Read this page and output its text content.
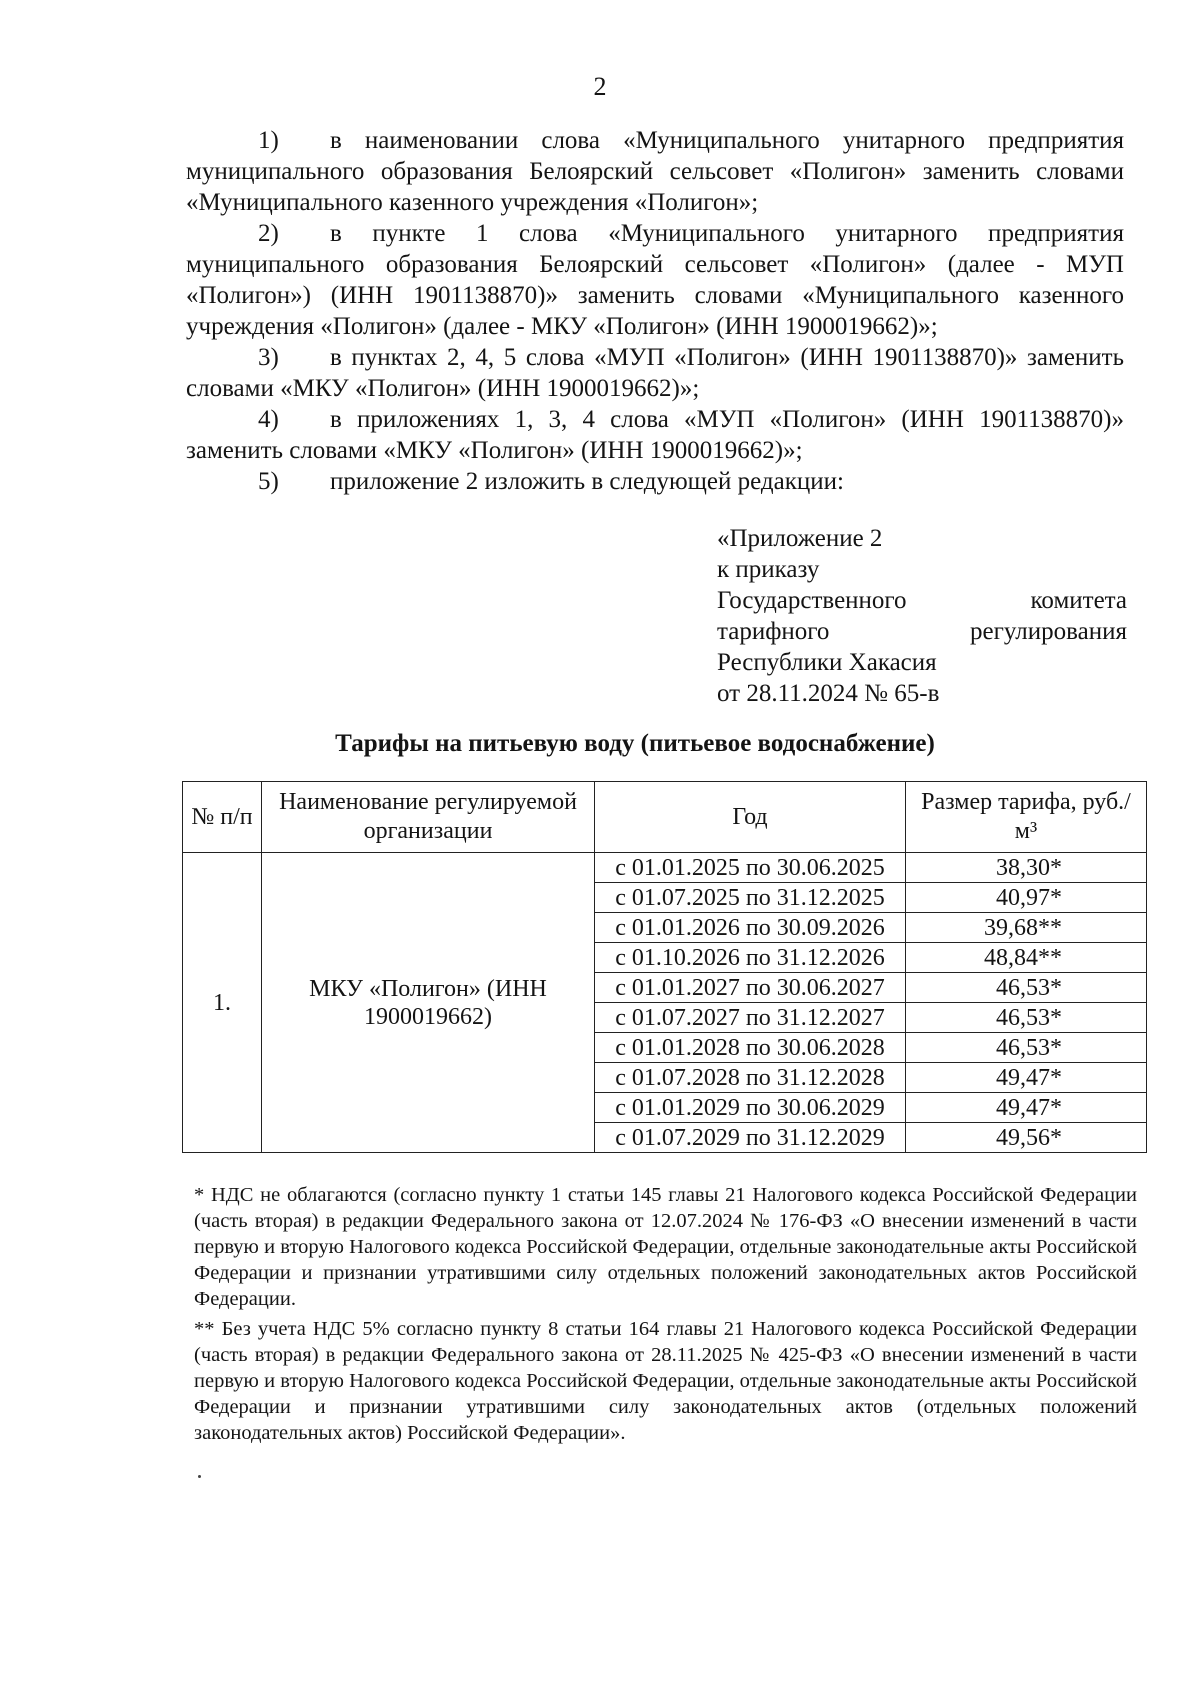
2
1) в наименовании слова «Муниципального унитарного предприятия муниципального образования Белоярский сельсовет «Полигон» заменить словами «Муниципального казенного учреждения «Полигон»;
2) в пункте 1 слова «Муниципального унитарного предприятия муниципального образования Белоярский сельсовет «Полигон» (далее - МУП «Полигон») (ИНН 1901138870)» заменить словами «Муниципального казенного учреждения «Полигон» (далее - МКУ «Полигон» (ИНН 1900019662)»;
3) в пунктах 2, 4, 5 слова «МУП «Полигон» (ИНН 1901138870)» заменить словами «МКУ «Полигон» (ИНН 1900019662)»;
4) в приложениях 1, 3, 4 слова «МУП «Полигон» (ИНН 1901138870)» заменить словами «МКУ «Полигон» (ИНН 1900019662)»;
5) приложение 2 изложить в следующей редакции:
«Приложение 2
к приказу
Государственного комитета тарифного регулирования
Республики Хакасия
от 28.11.2024 № 65-в
Тарифы на питьевую воду (питьевое водоснабжение)
№ п/п	Наименование регулируемой организации	Год	Размер тарифа, руб./м³
1.	МКУ «Полигон» (ИНН 1900019662)	с 01.01.2025 по 30.06.2025	38,30*
		с 01.07.2025 по 31.12.2025	40,97*
		с 01.01.2026 по 30.09.2026	39,68**
		с 01.10.2026 по 31.12.2026	48,84**
		с 01.01.2027 по 30.06.2027	46,53*
		с 01.07.2027 по 31.12.2027	46,53*
		с 01.01.2028 по 30.06.2028	46,53*
		с 01.07.2028 по 31.12.2028	49,47*
		с 01.01.2029 по 30.06.2029	49,47*
		с 01.07.2029 по 31.12.2029	49,56*

* НДС не облагаются (согласно пункту 1 статьи 145 главы 21 Налогового кодекса Российской Федерации (часть вторая) в редакции Федерального закона от 12.07.2024 № 176-ФЗ «О внесении изменений в части первую и вторую Налогового кодекса Российской Федерации, отдельные законодательные акты Российской Федерации и признании утратившими силу отдельных положений законодательных актов Российской Федерации.

** Без учета НДС 5% согласно пункту 8 статьи 164 главы 21 Налогового кодекса Российской Федерации (часть вторая) в редакции Федерального закона от 28.11.2025 № 425-ФЗ «О внесении изменений в части первую и вторую Налогового кодекса Российской Федерации, отдельные законодательные акты Российской Федерации и признании утратившими силу законодательных актов (отдельных положений законодательных актов) Российской Федерации».
